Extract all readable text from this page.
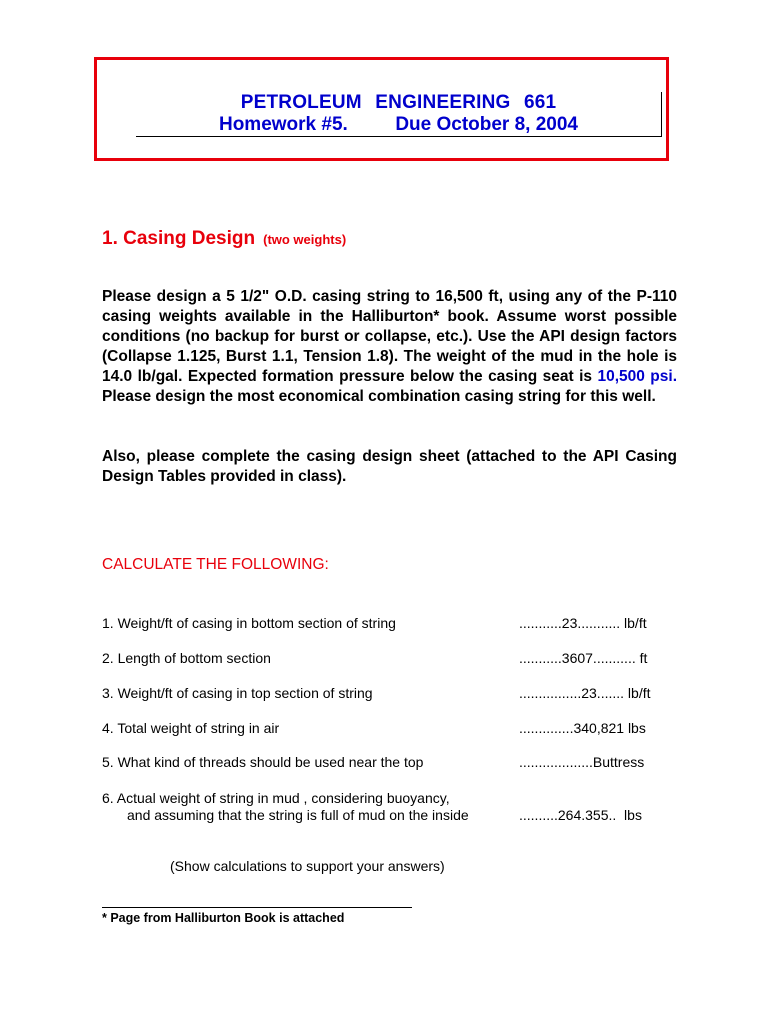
PETROLEUM ENGINEERING 661
Homework #5.	Due October 8, 2004
1. Casing Design (two weights)
Please design a 5 1/2" O.D. casing string to 16,500 ft, using any of the P-110 casing weights available in the Halliburton* book. Assume worst possible conditions (no backup for burst or collapse, etc.). Use the API design factors (Collapse 1.125, Burst 1.1, Tension 1.8). The weight of the mud in the hole is 14.0 lb/gal. Expected formation pressure below the casing seat is 10,500 psi. Please design the most economical combination casing string for this well.
Also, please complete the casing design sheet (attached to the API Casing Design Tables provided in class).
CALCULATE THE FOLLOWING:
1. Weight/ft of casing in bottom section of string	...........23........... lb/ft
2. Length of bottom section	...........3607........... ft
3. Weight/ft of casing in top section of string	................23....... lb/ft
4. Total weight of string in air	..............340,821 lbs
5. What kind of threads should be used near the top	...................Buttress
6. Actual weight of string in mud , considering buoyancy,
and assuming that the string is full of mud on the inside	..........264.355..  lbs
(Show calculations to support your answers)
* Page from Halliburton Book is attached
